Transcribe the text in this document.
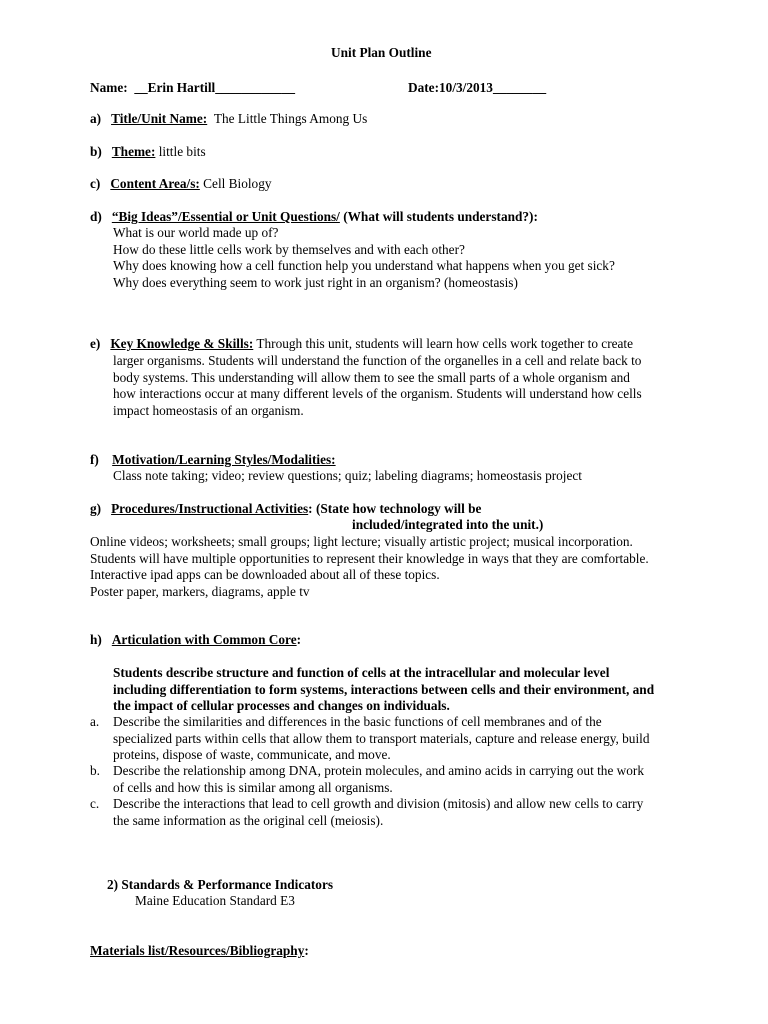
Unit Plan Outline
Name: __Erin Hartill____________	Date:10/3/2013________
a) Title/Unit Name: The Little Things Among Us
b) Theme: little bits
c) Content Area/s: Cell Biology
d) “Big Ideas”/Essential or Unit Questions/ (What will students understand?):
What is our world made up of?
How do these little cells work by themselves and with each other?
Why does knowing how a cell function help you understand what happens when you get sick?
Why does everything seem to work just right in an organism? (homeostasis)
e) Key Knowledge & Skills: Through this unit, students will learn how cells work together to create
larger organisms. Students will understand the function of the organelles in a cell and relate back to
body systems. This understanding will allow them to see the small parts of a whole organism and
how interactions occur at many different levels of the organism. Students will understand how cells
impact homeostasis of an organism.
f) Motivation/Learning Styles/Modalities:
Class note taking; video; review questions; quiz; labeling diagrams; homeostasis project
g) Procedures/Instructional Activities: (State how technology will be
included/integrated into the unit.)
Online videos; worksheets; small groups; light lecture; visually artistic project; musical incorporation.
Students will have multiple opportunities to represent their knowledge in ways that they are comfortable.
Interactive ipad apps can be downloaded about all of these topics.
Poster paper, markers, diagrams, apple tv
h) Articulation with Common Core:
Students describe structure and function of cells at the intracellular and molecular level
including differentiation to form systems, interactions between cells and their environment, and
the impact of cellular processes and changes on individuals.
a. Describe the similarities and differences in the basic functions of cell membranes and of the
specialized parts within cells that allow them to transport materials, capture and release energy, build
proteins, dispose of waste, communicate, and move.
b. Describe the relationship among DNA, protein molecules, and amino acids in carrying out the work
of cells and how this is similar among all organisms.
c. Describe the interactions that lead to cell growth and division (mitosis) and allow new cells to carry
the same information as the original cell (meiosis).
2) Standards & Performance Indicators
Maine Education Standard E3
Materials list/Resources/Bibliography:
